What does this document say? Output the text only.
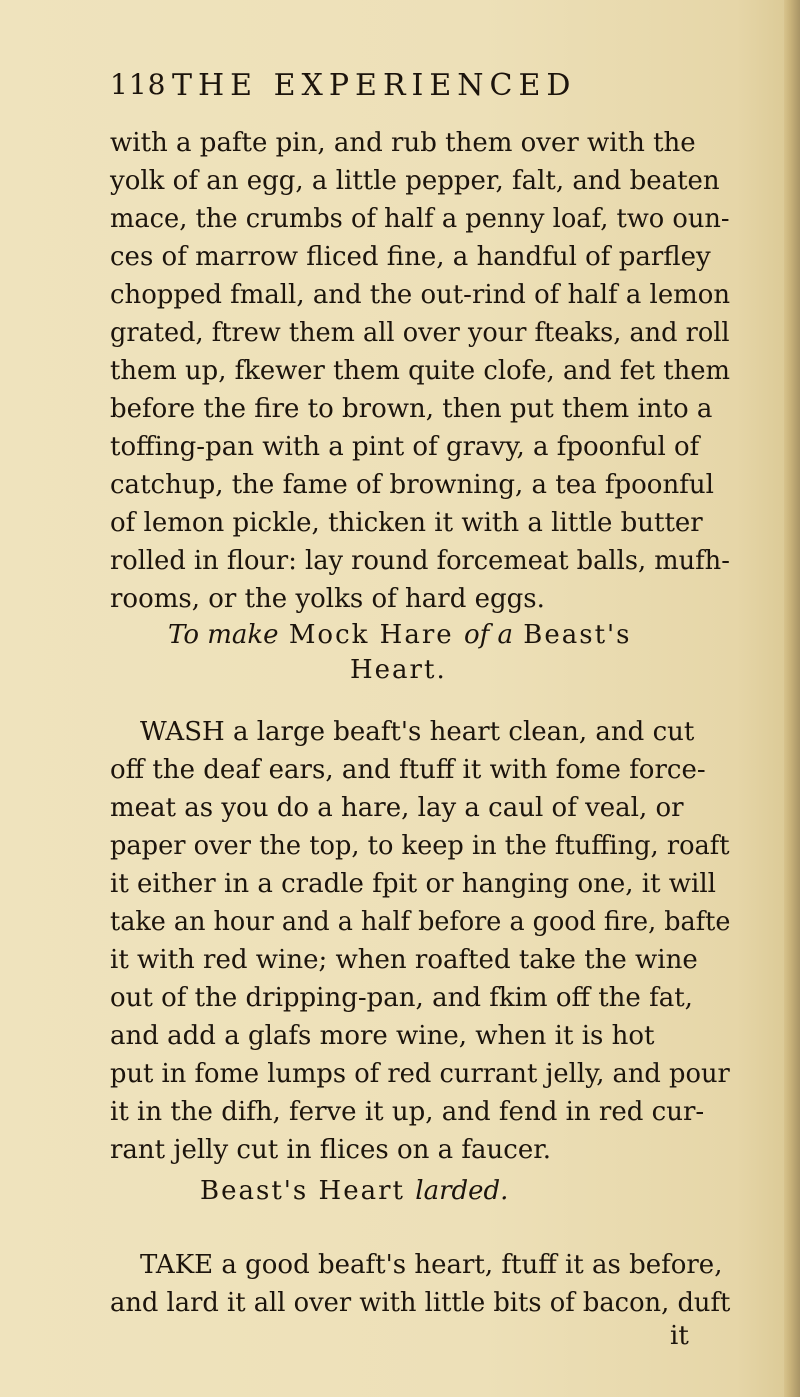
118 THE EXPERIENCED
with a pafte pin, and rub them over with the
yolk of an egg, a little pepper, falt, and beaten
mace, the crumbs of half a penny loaf, two oun-
ces of marrow fliced fine, a handful of parfley
chopped fmall, and the out-rind of half a lemon
grated, ftrew them all over your fteaks, and roll
them up, fkewer them quite clofe, and fet them
before the fire to brown, then put them into a
toffing-pan with a pint of gravy, a fpoonful of
catchup, the fame of browning, a tea fpoonful
of lemon pickle, thicken it with a little butter
rolled in flour: lay round forcemeat balls, mufh-
rooms, or the yolks of hard eggs.
To make Mock Hare of a Beast's
Heart.
WASH a large beaft's heart clean, and cut
off the deaf ears, and ftuff it with fome force-
meat as you do a hare, lay a caul of veal, or
paper over the top, to keep in the ftuffing, roaft
it either in a cradle fpit or hanging one, it will
take an hour and a half before a good fire, bafte
it with red wine; when roafted take the wine
out of the dripping-pan, and fkim off the fat,
and add a glafs more wine, when it is hot
put in fome lumps of red currant jelly, and pour
it in the difh, ferve it up, and fend in red cur-
rant jelly cut in flices on a faucer.
Beast's Heart larded.
TAKE a good beaft's heart, ftuff it as before,
and lard it all over with little bits of bacon, duft
it
